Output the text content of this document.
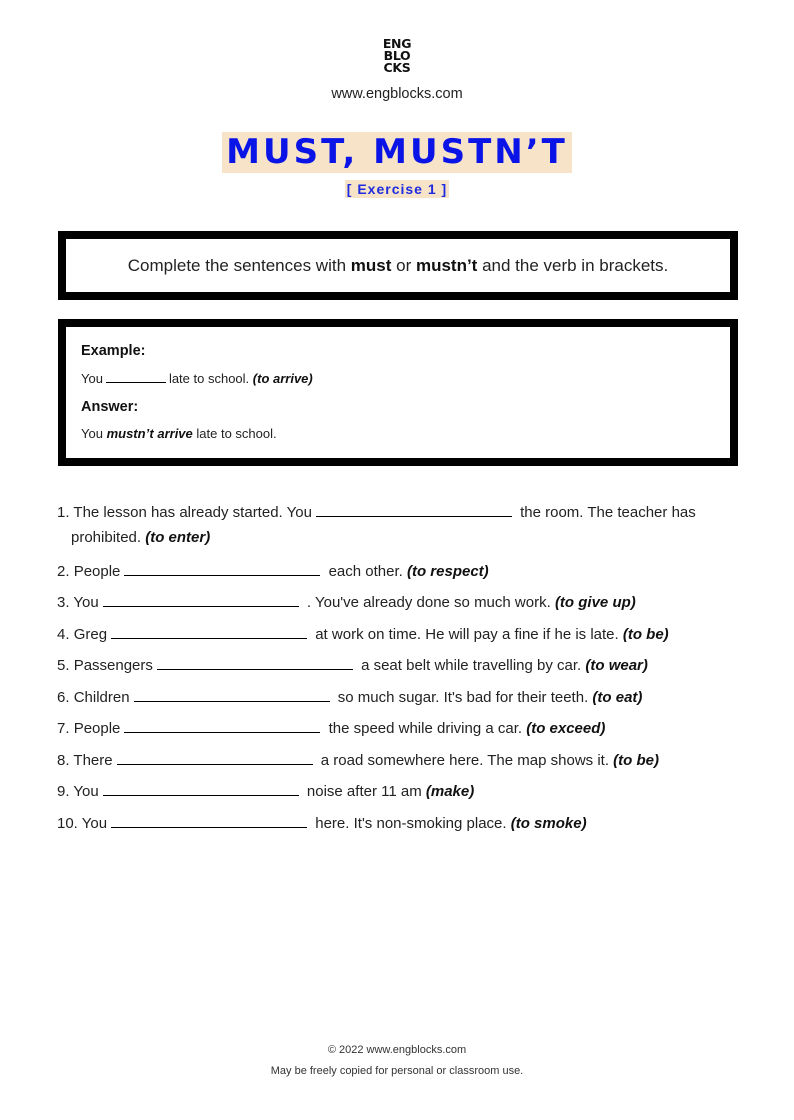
ENG
BLO
CKS
www.engblocks.com
MUST, MUSTN’T
[ Exercise 1 ]
Complete the sentences with must or mustn’t and the verb in brackets.
Example:
You	late to school. (to arrive)
Answer:
You mustn’t arrive late to school.
1. The lesson has already started. You	the room. The teacher has
prohibited. (to enter)
2. People	each other. (to respect)
3. You	. You've already done so much work. (to give up)
4. Greg	at work on time. He will pay a fine if he is late. (to be)
5. Passengers	a seat belt while travelling by car. (to wear)
6. Children	so much sugar. It's bad for their teeth. (to eat)
7. People	the speed while driving a car. (to exceed)
8. There	a road somewhere here. The map shows it. (to be)
9. You	noise after 11 am (make)
10. You	here. It's non-smoking place. (to smoke)
© 2022 www.engblocks.com
May be freely copied for personal or classroom use.
